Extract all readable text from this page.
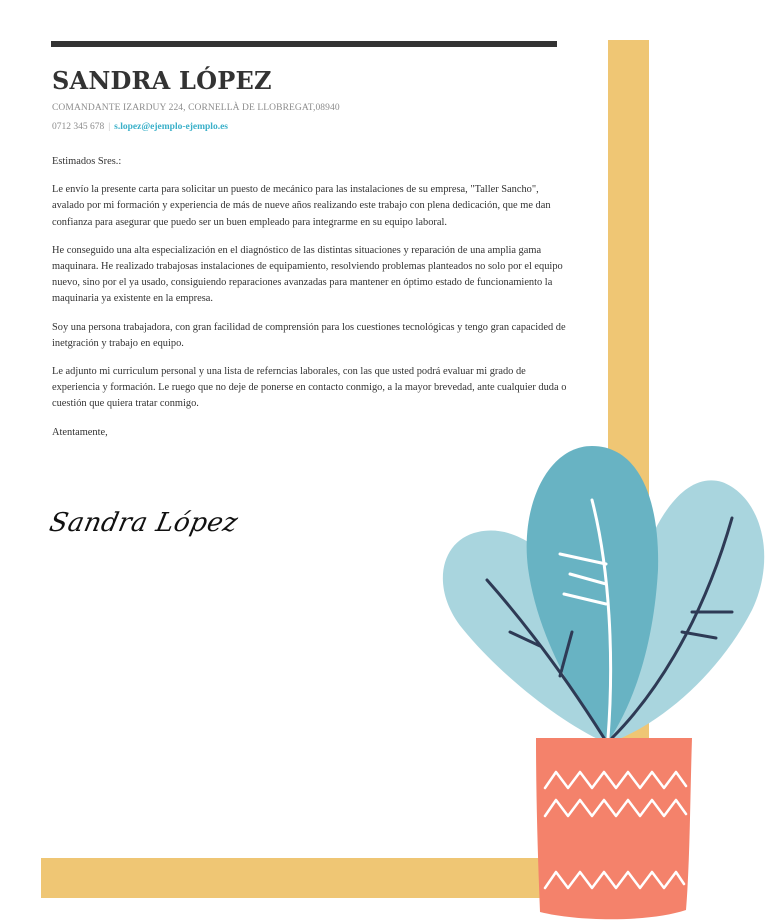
SANDRA LÓPEZ
COMANDANTE IZARDUY 224, CORNELLÀ DE LLOBREGAT,08940
0712 345 678 | s.lopez@ejemplo-ejemplo.es

Estimados Sres.:

Le envío la presente carta para solicitar un puesto de mecánico para las instalaciones de su empresa, "Taller Sancho", avalado por mi formación y experiencia de más de nueve años realizando este trabajo con plena dedicación, que me dan confianza para asegurar que puedo ser un buen empleado para integrarme en su equipo laboral.

He conseguido una alta especialización en el diagnóstico de las distintas situaciones y reparación de una amplia gama maquinara. He realizado trabajosas instalaciones de equipamiento, resolviendo problemas planteados no solo por el equipo nuevo, sino por el ya usado, consiguiendo reparaciones avanzadas para mantener en óptimo estado de funcionamiento la maquinaria ya existente en la empresa.

Soy una persona trabajadora, con gran facilidad de comprensión para los cuestiones tecnológicas y tengo gran capacided de inetgración y trabajo en equipo.

Le adjunto mi curriculum personal y una lista de referncias laborales, con las que usted podrá evaluar mi grado de experiencia y formación. Le ruego que no deje de ponerse en contacto conmigo, a la mayor brevedad, ante cualquier duda o cuestión que quiera tratar conmigo.

Atentamente,

Sandra López
